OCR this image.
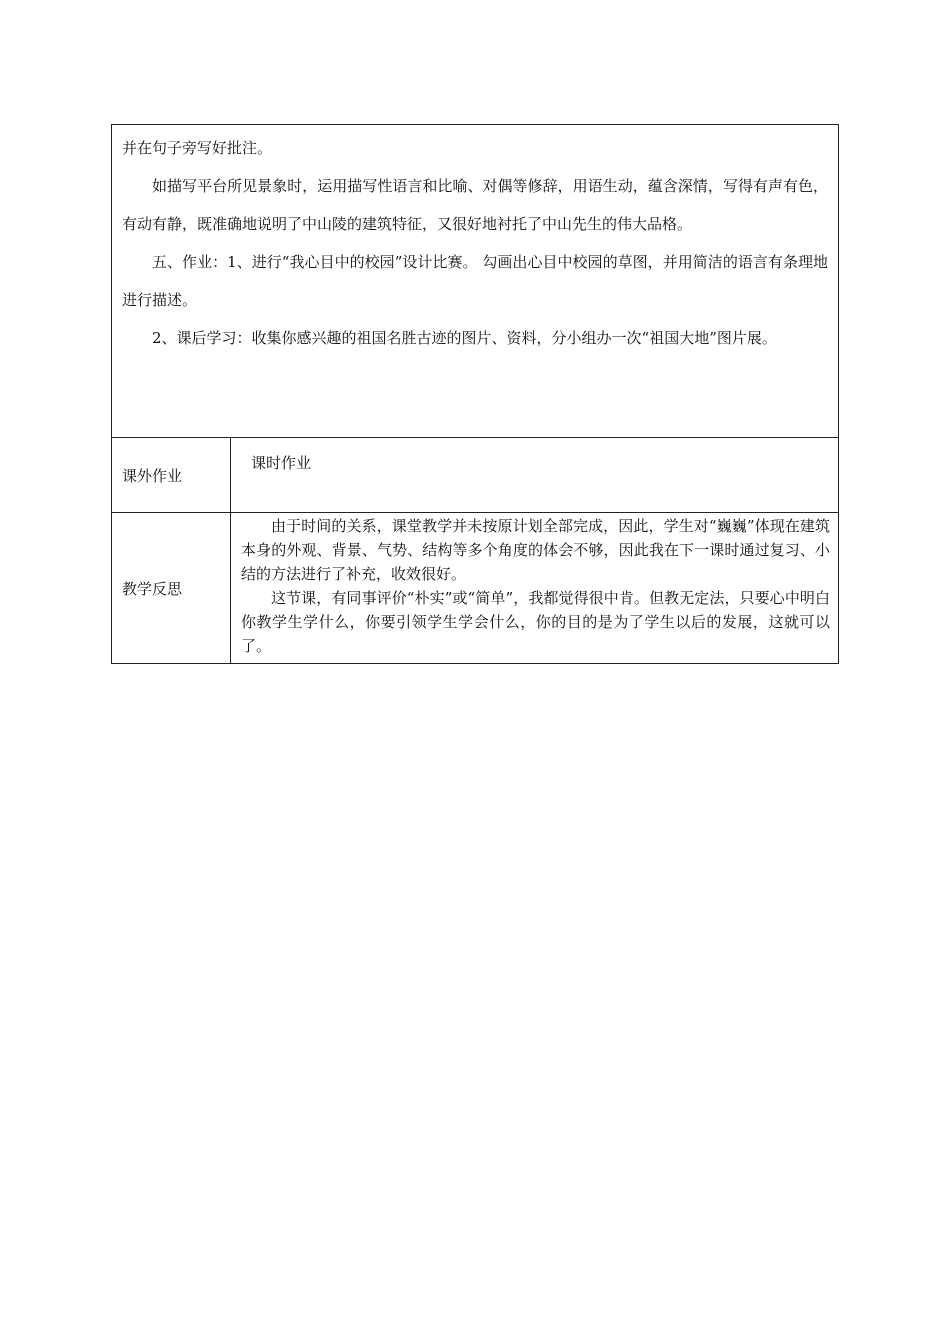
并在句子旁写好批注。

如描写平台所见景象时，运用描写性语言和比喻、对偶等修辞，用语生动，蕴含深情，写得有声有色，有动有静，既准确地说明了中山陵的建筑特征，又很好地衬托了中山先生的伟大品格。

五、作业：1、进行“我心目中的校园”设计比赛。 勾画出心目中校园的草图，并用简洁的语言有条理地进行描述。

2、课后学习：收集你感兴趣的祖国名胜古迹的图片、资料，分小组办一次“祖国大地”图片展。	

课外作业	课时作业
教学反思	由于时间的关系，课堂教学并未按原计划全部完成，因此，学生对“巍巍”体现在建筑本身的外观、背景、气势、结构等多个角度的体会不够，因此我在下一课时通过复习、小结的方法进行了补充，收效很好。

这节课，有同事评价“朴实”或“简单”，我都觉得很中肯。但教无定法，只要心中明白你教学生学什么，你要引领学生学会什么，你的目的是为了学生以后的发展，这就可以了。
